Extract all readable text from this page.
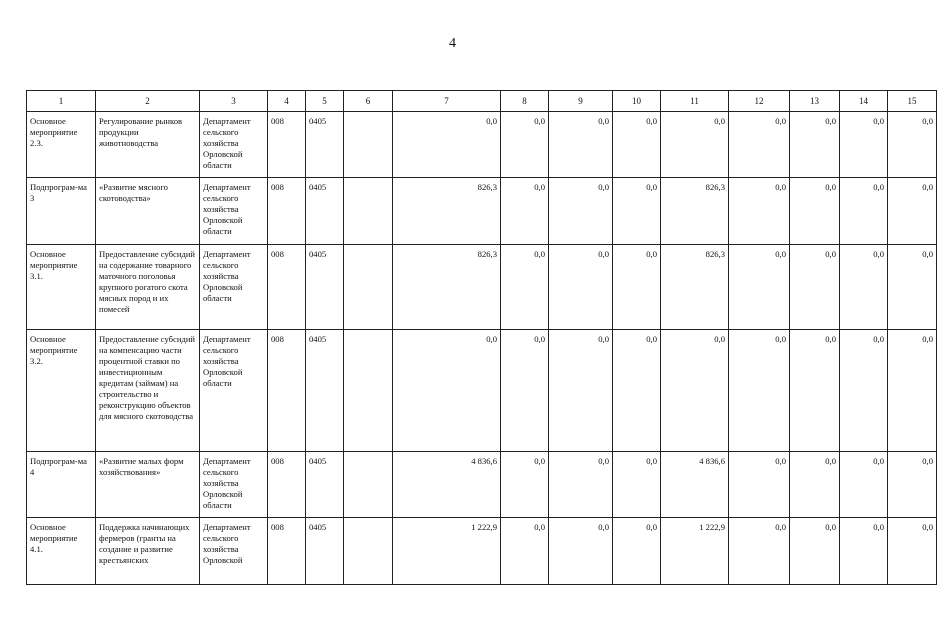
4
1	2	3	4	5	6	7	8	9	10	11	12	13	14	15
Основное мероприятие 2.3.	Регулирование рынков продукции животноводства	Департамент сельского хозяйства Орловской области	008	0405		0,0	0,0	0,0	0,0	0,0	0,0	0,0	0,0	0,0
Подпрограм-ма 3	«Развитие мясного скотоводства»	Департамент сельского хозяйства Орловской области	008	0405		826,3	0,0	0,0	0,0	826,3	0,0	0,0	0,0	0,0
Основное мероприятие 3.1.	Предоставление субсидий на содержание товарного маточного поголовья крупного рогатого скота мясных пород и их помесей	Департамент сельского хозяйства Орловской области	008	0405		826,3	0,0	0,0	0,0	826,3	0,0	0,0	0,0	0,0
Основное мероприятие 3.2.	Предоставление субсидий на компенсацию части процентной ставки по инвестиционным кредитам (займам) на строительство и реконструкцию объектов для мясного скотоводства	Департамент сельского хозяйства Орловской области	008	0405		0,0	0,0	0,0	0,0	0,0	0,0	0,0	0,0	0,0
Подпрограм-ма 4	«Развитие малых форм хозяйствования»	Департамент сельского хозяйства Орловской области	008	0405		4 836,6	0,0	0,0	0,0	4 836,6	0,0	0,0	0,0	0,0
Основное мероприятие 4.1.	Поддержка начинающих фермеров (гранты на создание и развитие крестьянских	Департамент сельского хозяйства Орловской	008	0405		1 222,9	0,0	0,0	0,0	1 222,9	0,0	0,0	0,0	0,0
